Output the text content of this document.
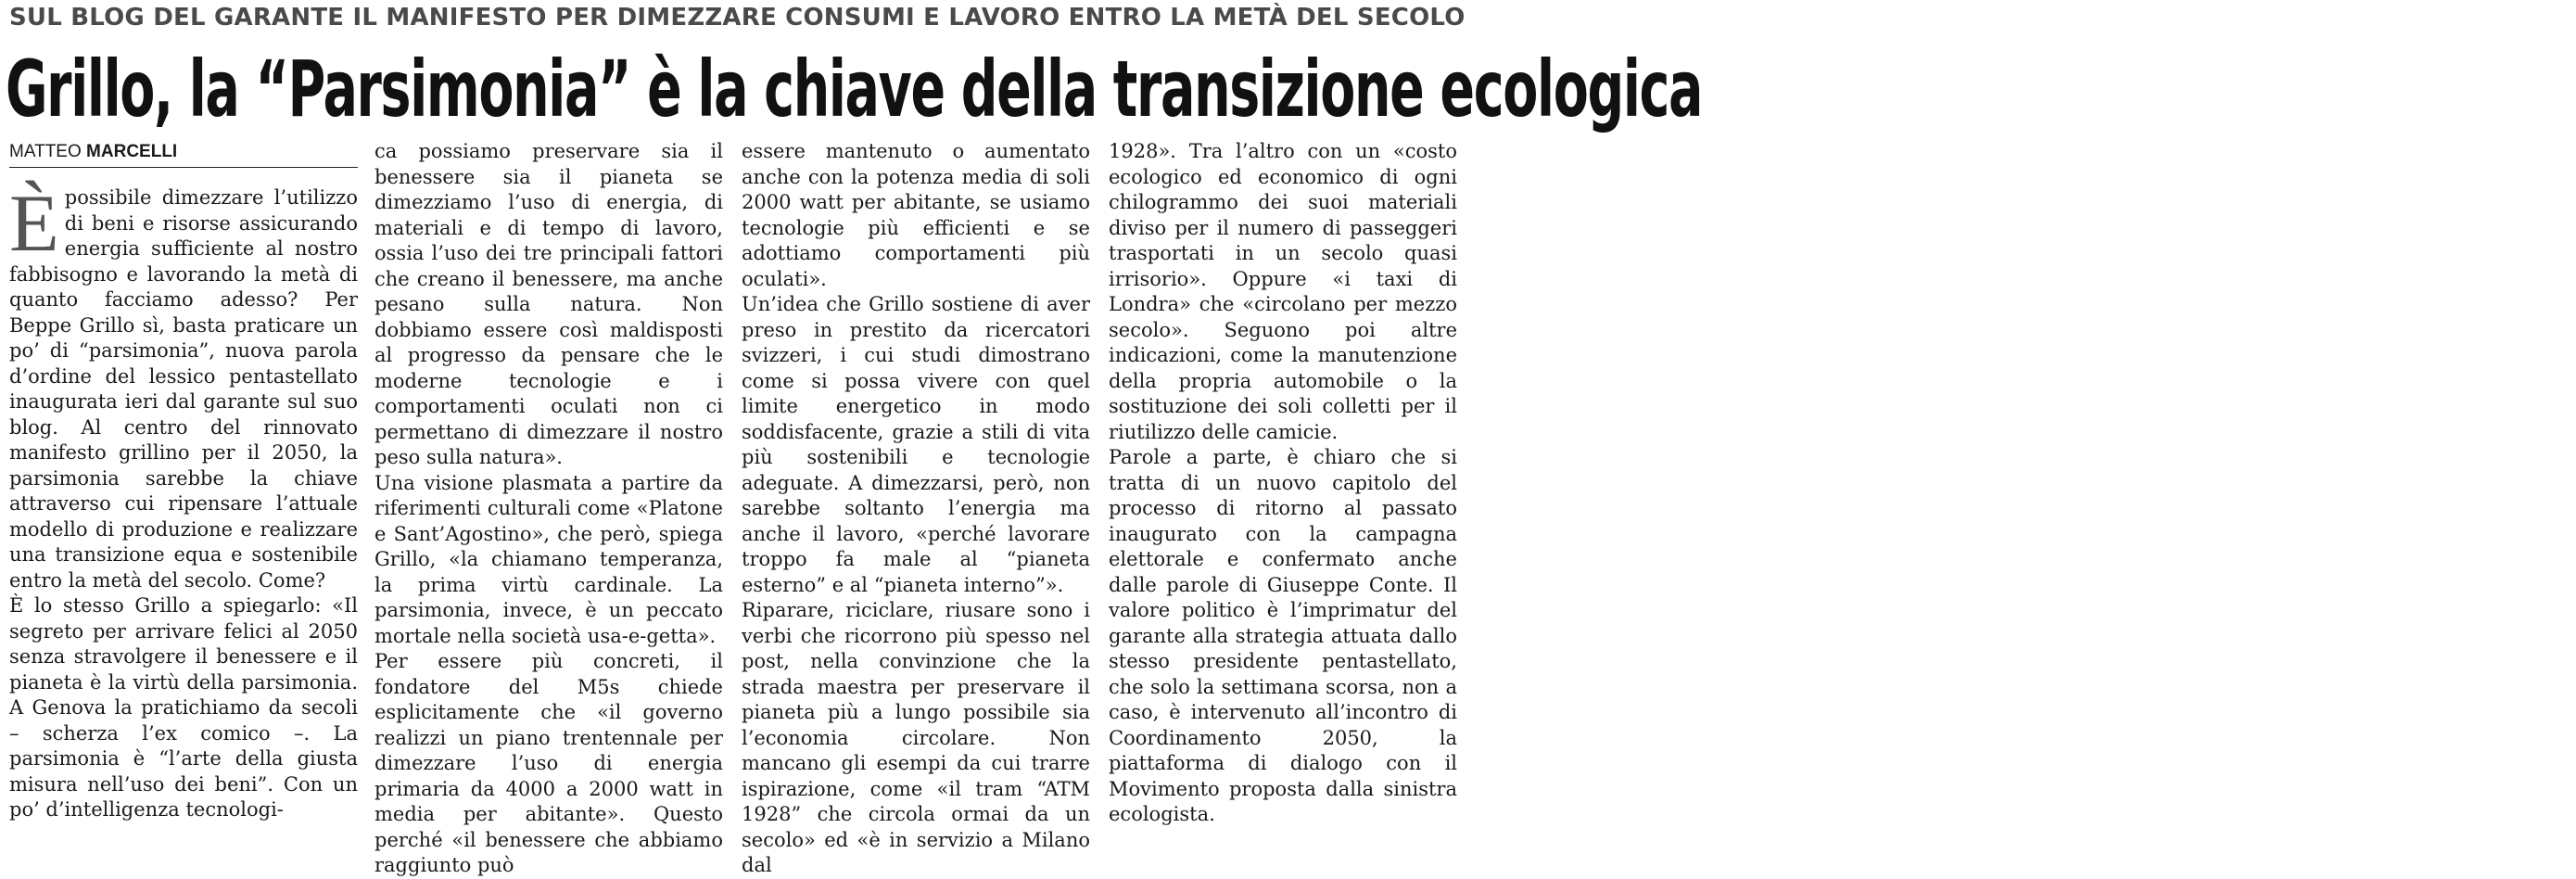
SUL BLOG DEL GARANTE IL MANIFESTO PER DIMEZZARE CONSUMI E LAVORO ENTRO LA METÀ DEL SECOLO
Grillo, la “Parsimonia” è la chiave della transizione ecologica
MATTEO MARCELLI

È possibile dimezzare l’utilizzo di beni e risorse assicurando energia sufficiente al nostro fabbisogno e lavorando la metà di quanto facciamo adesso? Per Beppe Grillo sì, basta praticare un po’ di “parsimonia”, nuova parola d’ordine del lessico pentastellato inaugurata ieri dal garante sul suo blog. Al centro del rinnovato manifesto grillino per il 2050, la parsimonia sarebbe la chiave attraverso cui ripensare l’attuale modello di produzione e realizzare una transizione equa e sostenibile entro la metà del secolo. Come?

È lo stesso Grillo a spiegarlo: «Il segreto per arrivare felici al 2050 senza stravolgere il benessere e il pianeta è la virtù della parsimonia. A Genova la pratichiamo da secoli – scherza l’ex comico –. La parsimonia è “l’arte della giusta misura nell’uso dei beni”. Con un po’ d’intelligenza tecnologi-

ca possiamo preservare sia il benessere sia il pianeta se dimezziamo l’uso di energia, di materiali e di tempo di lavoro, ossia l’uso dei tre principali fattori che creano il benessere, ma anche pesano sulla natura. Non dobbiamo essere così maldisposti al progresso da pensare che le moderne tecnologie e i comportamenti oculati non ci permettano di dimezzare il nostro peso sulla natura».

Una visione plasmata a partire da riferimenti culturali come «Platone e Sant’Agostino», che però, spiega Grillo, «la chiamano temperanza, la prima virtù cardinale. La parsimonia, invece, è un peccato mortale nella società usa-e-getta».

Per essere più concreti, il fondatore del M5s chiede esplicitamente che «il governo realizzi un piano trentennale per dimezzare l’uso di energia primaria da 4000 a 2000 watt in media per abitante». Questo perché «il benessere che abbiamo raggiunto può

essere mantenuto o aumentato anche con la potenza media di soli 2000 watt per abitante, se usiamo tecnologie più efficienti e se adottiamo comportamenti più oculati».

Un’idea che Grillo sostiene di aver preso in prestito da ricercatori svizzeri, i cui studi dimostrano come si possa vivere con quel limite energetico in modo soddisfacente, grazie a stili di vita più sostenibili e tecnologie adeguate. A dimezzarsi, però, non sarebbe soltanto l’energia ma anche il lavoro, «perché lavorare troppo fa male al “pianeta esterno” e al “pianeta interno”».

Riparare, riciclare, riusare sono i verbi che ricorrono più spesso nel post, nella convinzione che la strada maestra per preservare il pianeta più a lungo possibile sia l’economia circolare. Non mancano gli esempi da cui trarre ispirazione, come «il tram “ATM 1928” che circola ormai da un secolo» ed «è in servizio a Milano dal

1928». Tra l’altro con un «costo ecologico ed economico di ogni chilogrammo dei suoi materiali diviso per il numero di passeggeri trasportati in un secolo quasi irrisorio». Oppure «i taxi di Londra» che «circolano per mezzo secolo». Seguono poi altre indicazioni, come la manutenzione della propria automobile o la sostituzione dei soli colletti per il riutilizzo delle camicie.

Parole a parte, è chiaro che si tratta di un nuovo capitolo del processo di ritorno al passato inaugurato con la campagna elettorale e confermato anche dalle parole di Giuseppe Conte. Il valore politico è l’imprimatur del garante alla strategia attuata dallo stesso presidente pentastellato, che solo la settimana scorsa, non a caso, è intervenuto all’incontro di Coordinamento 2050, la piattaforma di dialogo con il Movimento proposta dalla sinistra ecologista.
